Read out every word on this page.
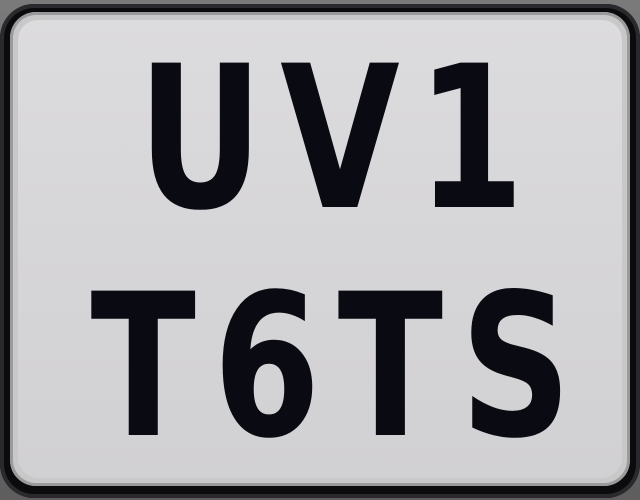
UV1
T6TS
